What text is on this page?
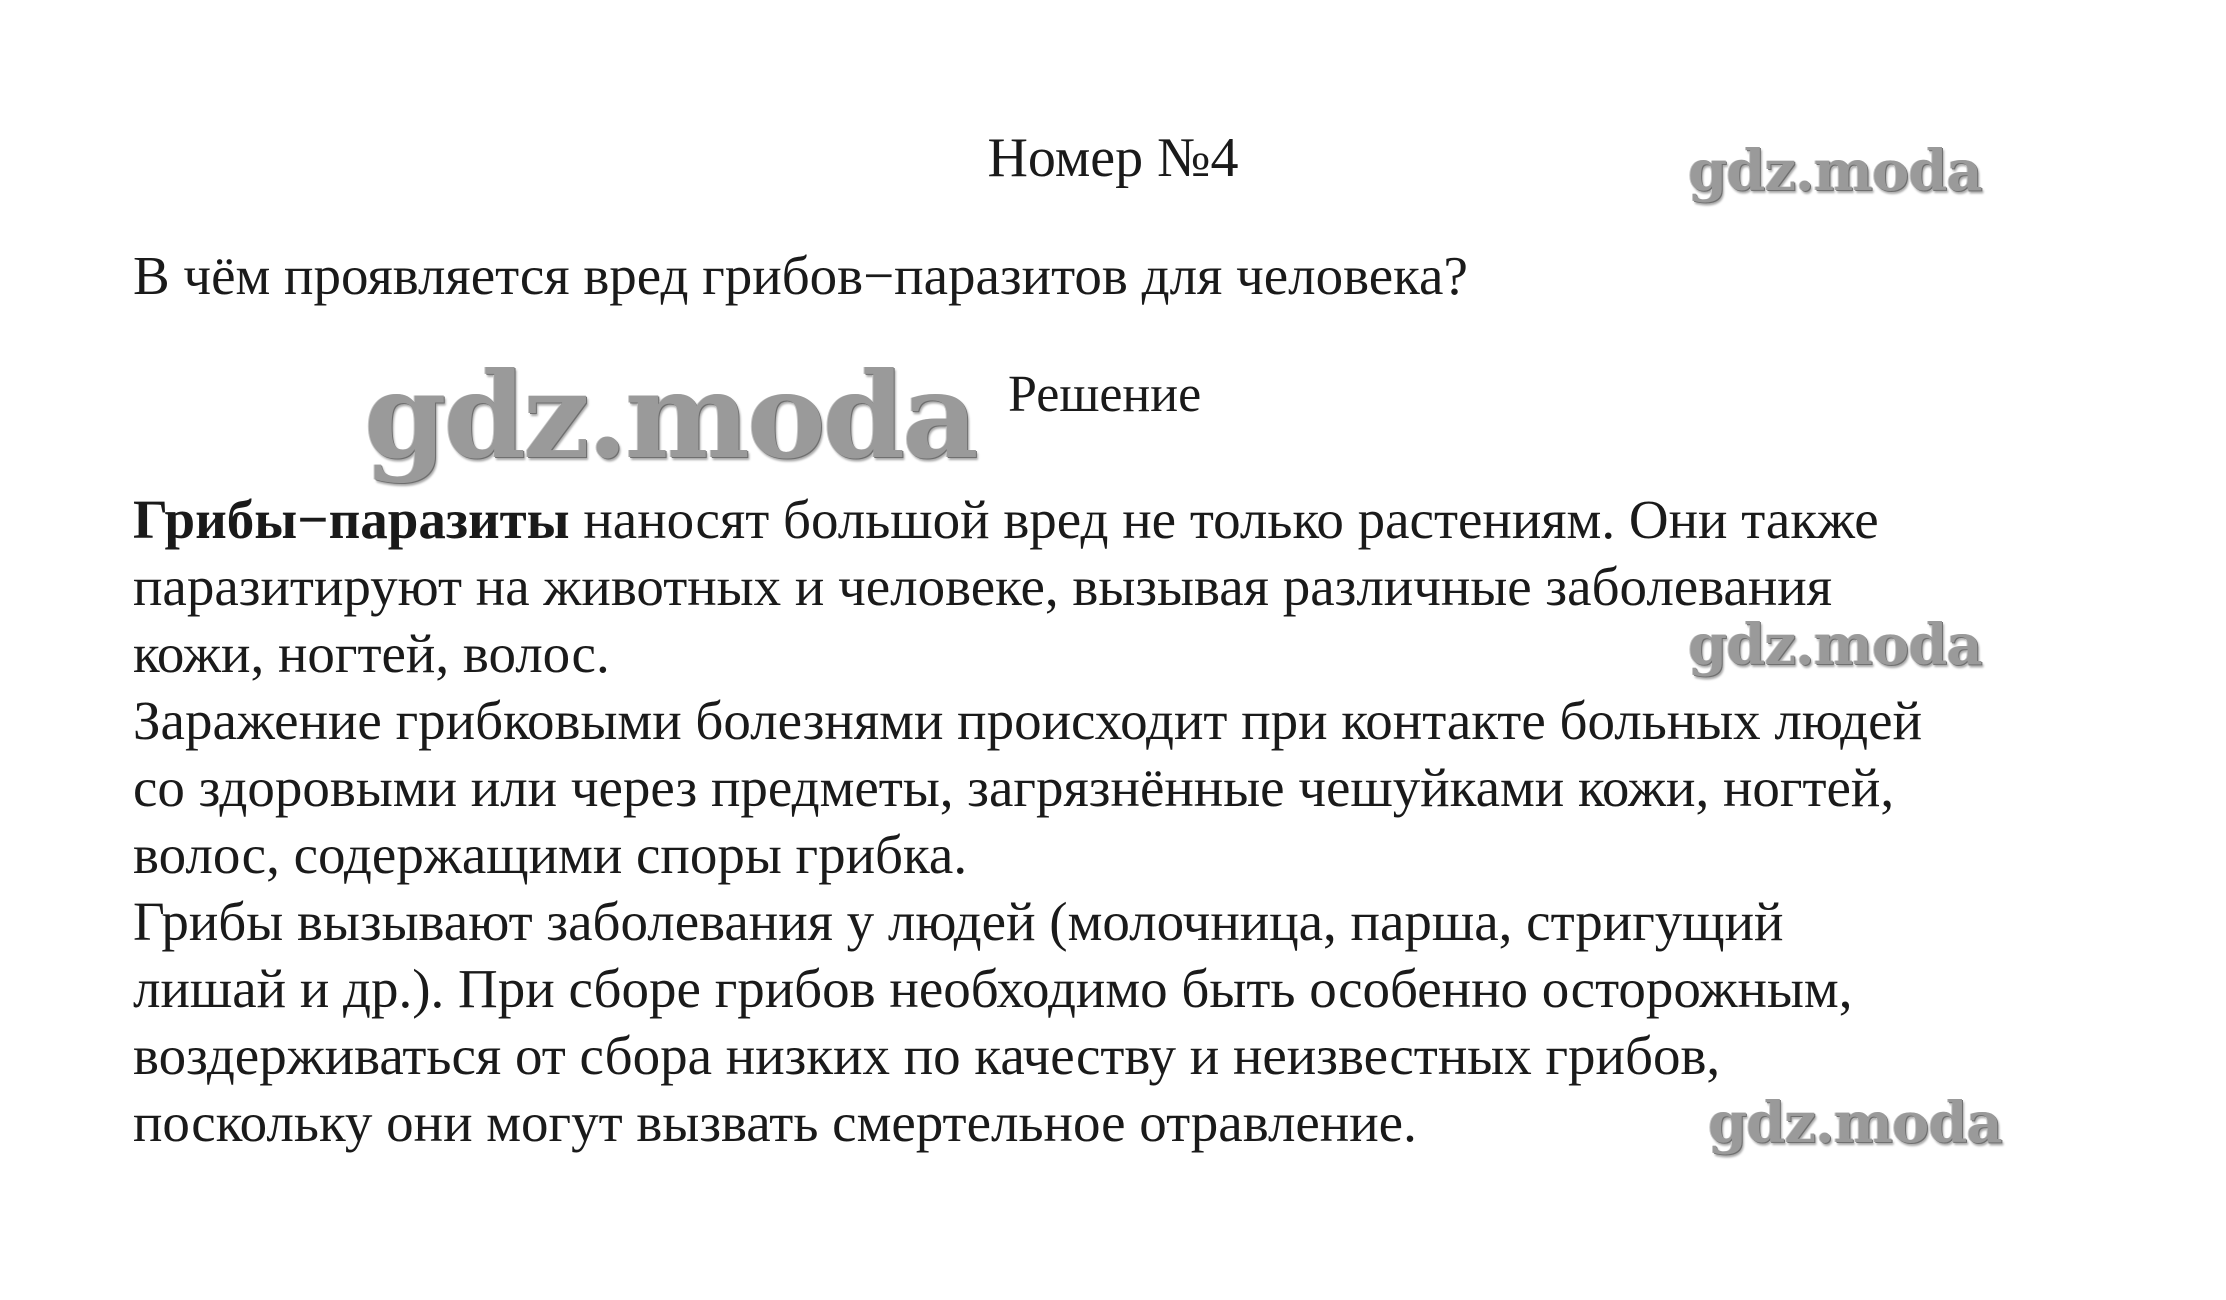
Номер №4	gdz.moda
В чём проявляется вред грибов−паразитов для человека?
gdz.moda Решение

Грибы−паразиты наносят большой вред не только растениям. Они также

паразитируют на животных и человеке, вызывая различные заболевания

кожи, ногтей, волос.

Заражение грибковыми болезнями происходит при контакте больных людей

со здоровыми или через предметы, загрязнённые чешуйками кожи, ногтей,

волос, содержащими споры грибка.

Грибы вызывают заболевания у людей (молочница, парша, стригущий

лишай и др.). При сборе грибов необходимо быть особенно осторожным,

воздерживаться от сбора низких по качеству и неизвестных грибов,

поскольку они могут вызвать смертельное отравление.

gdz.moda
gdz.moda
